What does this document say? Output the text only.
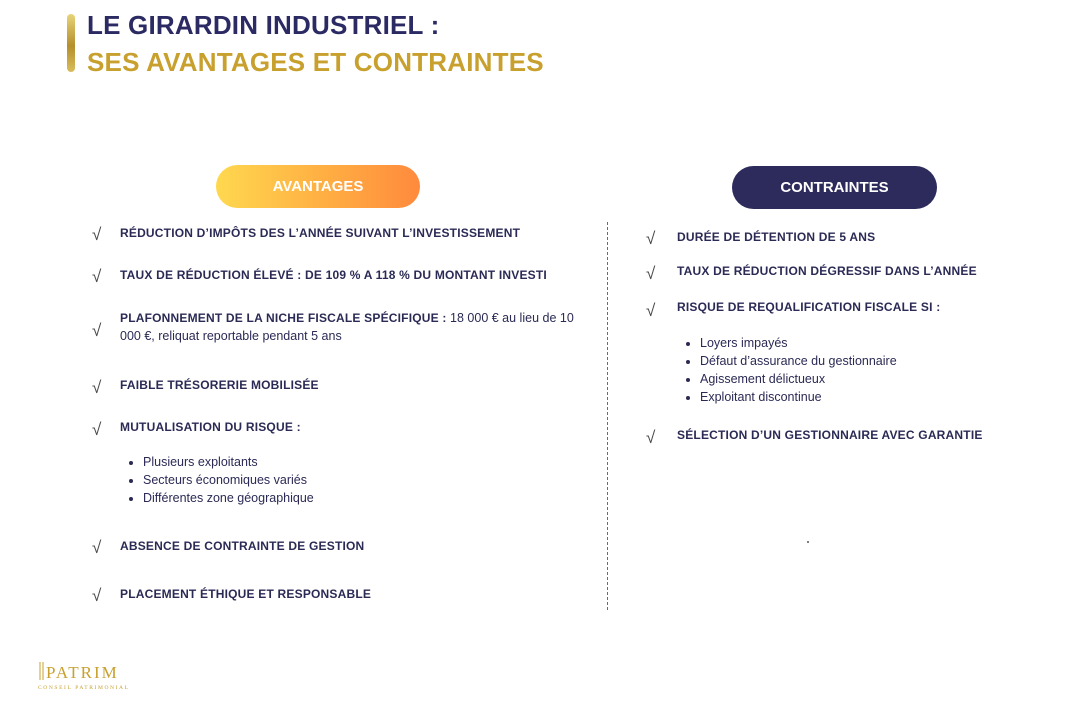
LE GIRARDIN INDUSTRIEL :
SES AVANTAGES ET CONTRAINTES
AVANTAGES	CONTRAINTES
√ RÉDUCTION D’IMPÔTS DES L’ANNÉE SUIVANT L’INVESTISSEMENT
√ TAUX DE RÉDUCTION ÉLEVÉ : DE 109 % A 118 % DU MONTANT INVESTI
√
PLAFONNEMENT DE LA NICHE FISCALE SPÉCIFIQUE : 18 000 € au lieu de 10 000 €, reliquat reportable pendant 5 ans
√ FAIBLE TRÉSORERIE MOBILISÉE
√ MUTUALISATION DU RISQUE :
• Plusieurs exploitants
• Secteurs économiques variés
• Différentes zone géographique
√ ABSENCE DE CONTRAINTE DE GESTION
√ PLACEMENT ÉTHIQUE ET RESPONSABLE
√ DURÉE DE DÉTENTION DE 5 ANS
√ TAUX DE RÉDUCTION DÉGRESSIF DANS L’ANNÉE
√ RISQUE DE REQUALIFICATION FISCALE SI :
• Loyers impayés
• Défaut d’assurance du gestionnaire
• Agissement délictueux
• Exploitant discontinue
√ SÉLECTION D’UN GESTIONNAIRE AVEC GARANTIE
PATRIM
CONSEIL PATRIMONIAL
